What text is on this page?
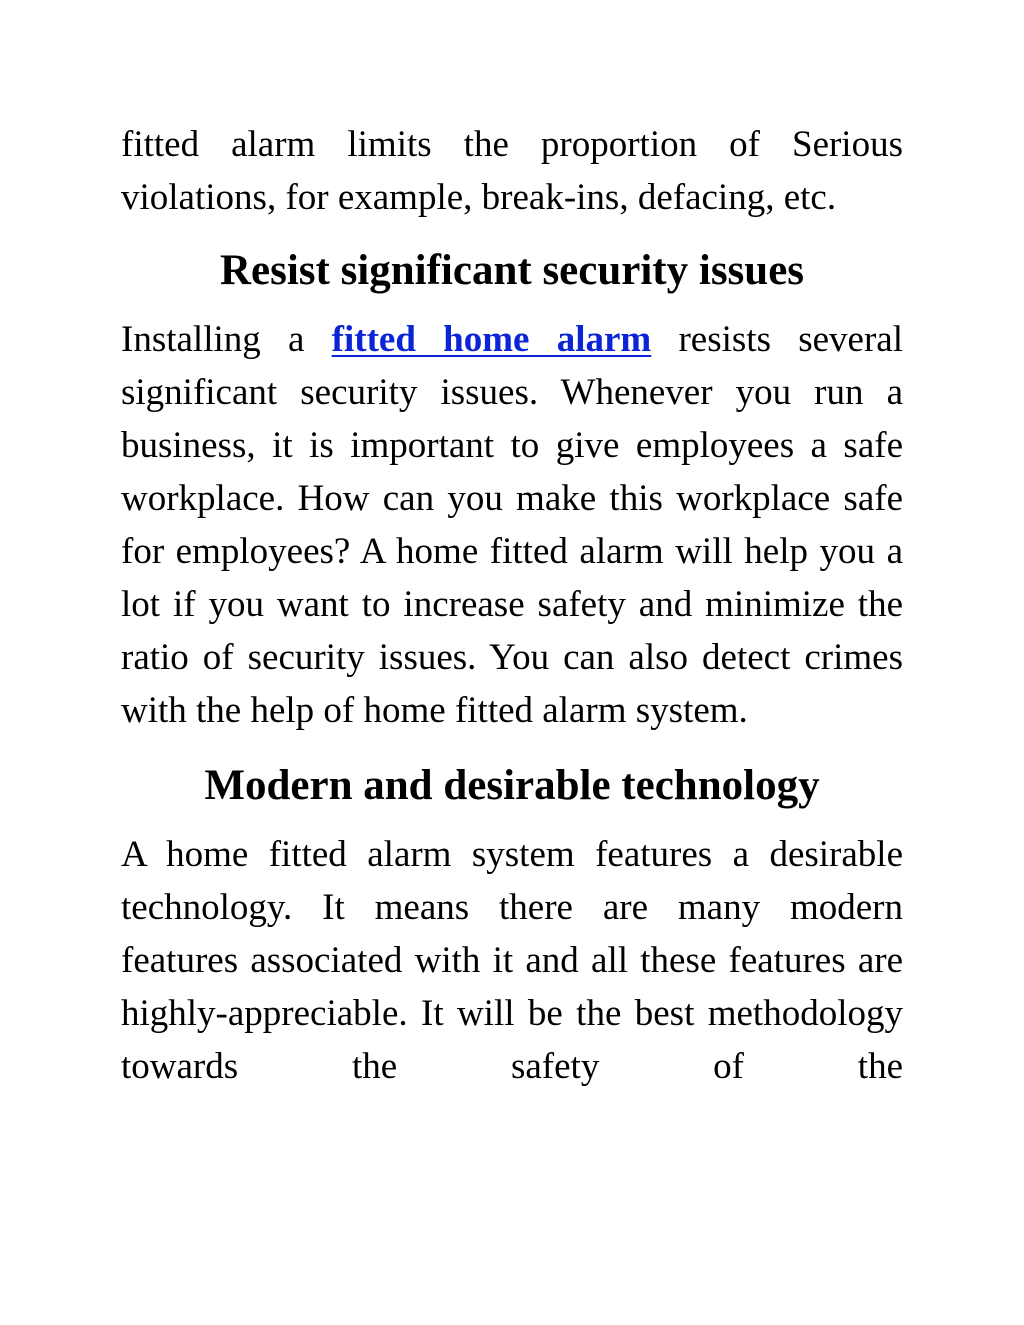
fitted alarm limits the proportion of Serious violations, for example, break-ins, defacing, etc.

Resist significant security issues

Installing a fitted home alarm resists several significant security issues. Whenever you run a business, it is important to give employees a safe workplace. How can you make this workplace safe for employees? A home fitted alarm will help you a lot if you want to increase safety and minimize the ratio of security issues. You can also detect crimes with the help of home fitted alarm system.

Modern and desirable technology

A home fitted alarm system features a desirable technology. It means there are many modern features associated with it and all these features are highly-appreciable. It will be the best methodology towards the safety of the
